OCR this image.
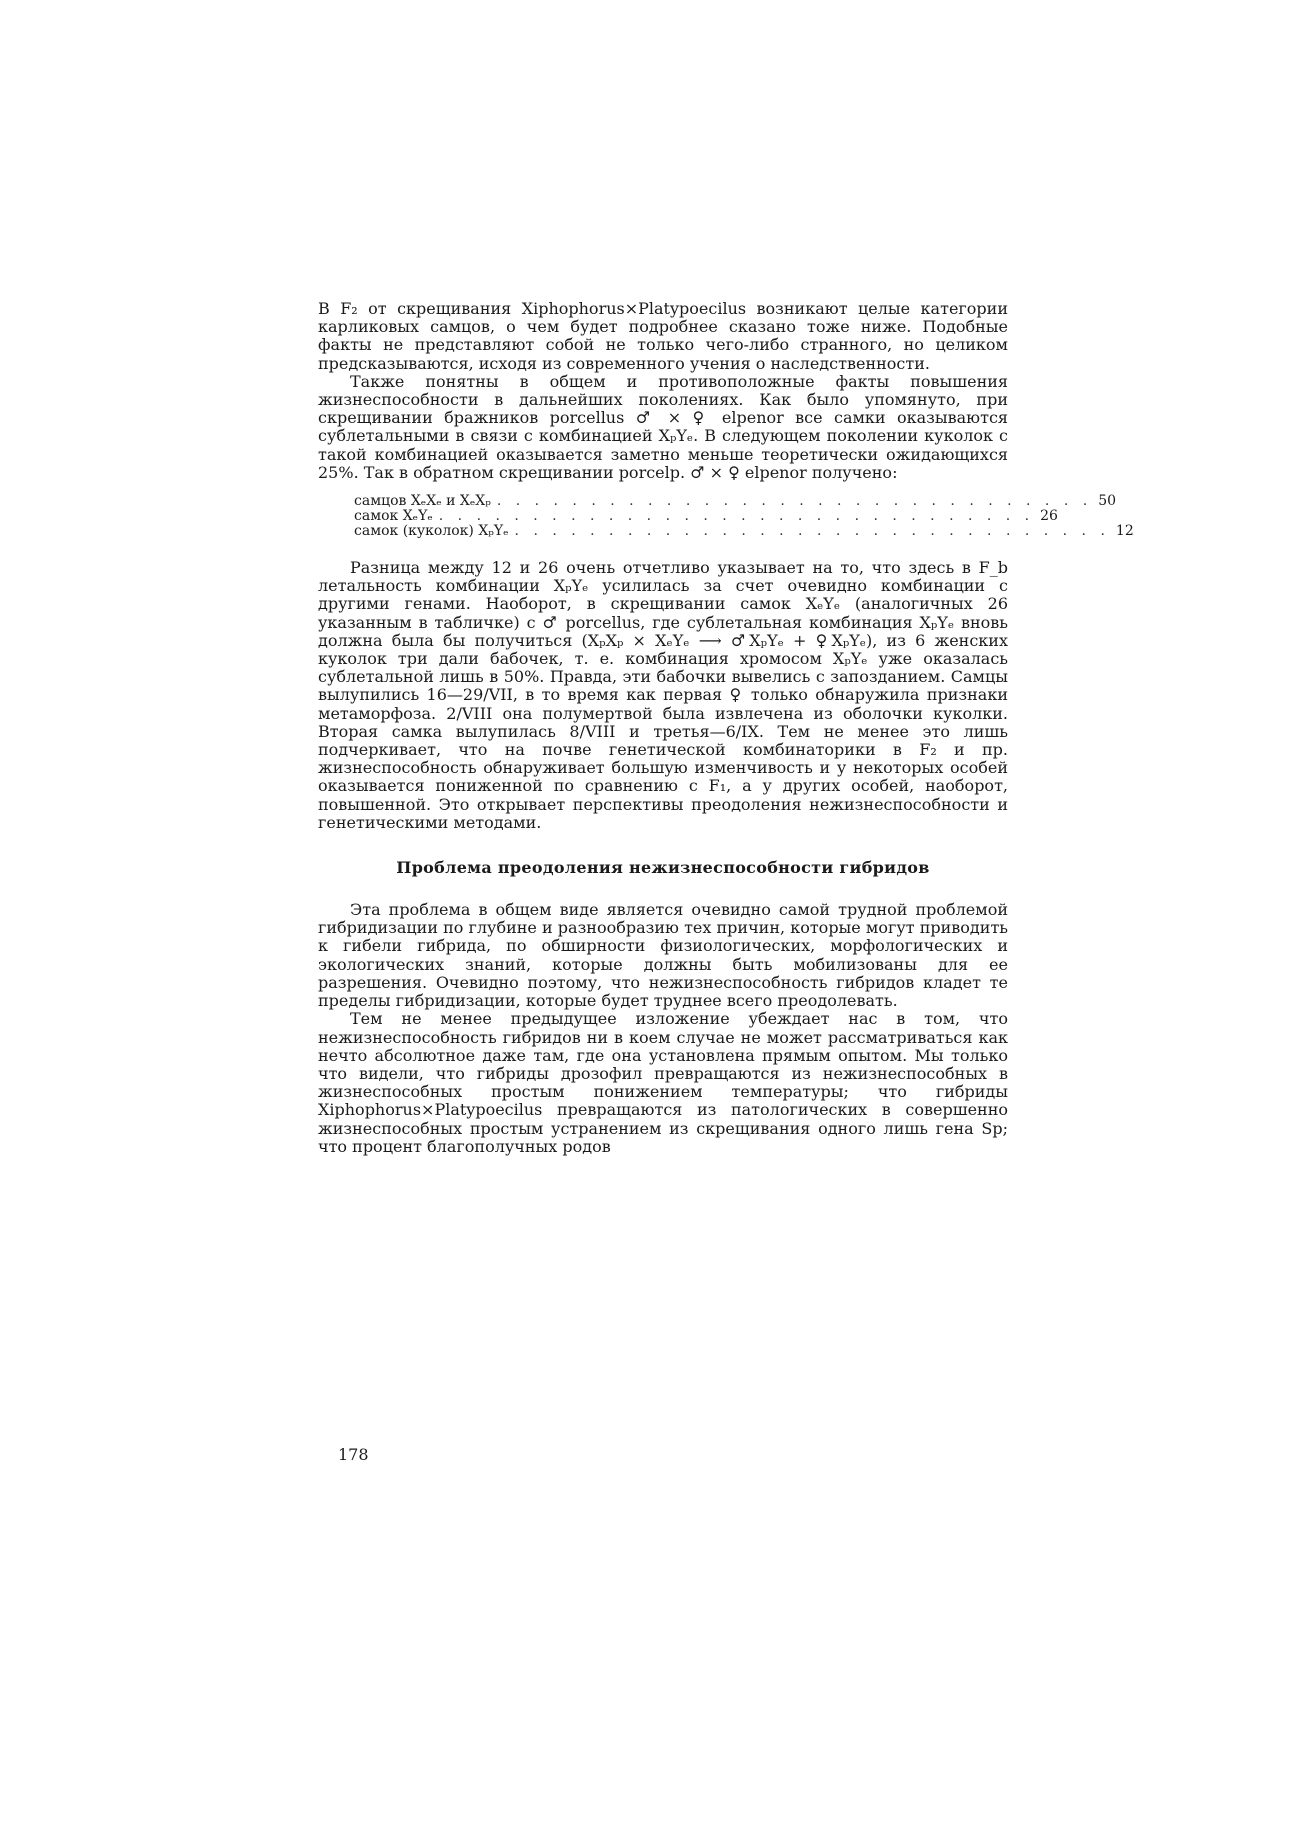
В F₂ от скрещивания Xiphophorus×Platypoecilus возникают целые категории карликовых самцов, о чем будет подробнее сказано тоже ниже. Подобные факты не представляют собой не только чего-либо странного, но целиком предсказываются, исходя из современного учения о наследственности.

Также понятны в общем и противоположные факты повышения жизнеспособности в дальнейших поколениях. Как было упомянуто, при скрещивании бражников porcellus ♂ × ♀ elpenor все самки оказываются сублетальными в связи с комбинацией XₚYₑ. В следующем поколении куколок с такой комбинацией оказывается заметно меньше теоретически ожидающихся 25%. Так в обратном скрещивании porcelp. ♂ × ♀ elpenor получено:

самцов XₑXₑ и XₑXₚ . . . . . . . . . . . . . . . . . . . . . . . . . . . . . . . . 50
самок XₑYₑ . . . . . . . . . . . . . . . . . . . . . . . . . . . . . . . . 26
самок (куколок) XₚYₑ . . . . . . . . . . . . . . . . . . . . . . . . . . . . . . . . 12

Разница между 12 и 26 очень отчетливо указывает на то, что здесь в F_b летальность комбинации XₚYₑ усилилась за счет очевидно комбинации с другими генами. Наоборот, в скрещивании самок XₑYₑ (аналогичных 26 указанным в табличке) с ♂ porcellus, где сублетальная комбинация XₚYₑ вновь должна была бы получиться (XₚXₚ × XₑYₑ ⟶ ♂XₚYₑ + ♀XₚYₑ), из 6 женских куколок три дали бабочек, т. е. комбинация хромосом XₚYₑ уже оказалась сублетальной лишь в 50%. Правда, эти бабочки вывелись с запозданием. Самцы вылупились 16—29/VII, в то время как первая ♀ только обнаружила признаки метаморфоза. 2/VIII она полумертвой была извлечена из оболочки куколки. Вторая самка вылупилась 8/VIII и третья—6/IX. Тем не менее это лишь подчеркивает, что на почве генетической комбинаторики в F₂ и пр. жизнеспособность обнаруживает большую изменчивость и у некоторых особей оказывается пониженной по сравнению с F₁, а у других особей, наоборот, повышенной. Это открывает перспективы преодоления нежизнеспособности и генетическими методами.

Проблема преодоления нежизнеспособности гибридов

Эта проблема в общем виде является очевидно самой трудной проблемой гибридизации по глубине и разнообразию тех причин, которые могут приводить к гибели гибрида, по обширности физиологических, морфологических и экологических знаний, которые должны быть мобилизованы для ее разрешения. Очевидно поэтому, что нежизнеспособность гибридов кладет те пределы гибридизации, которые будет труднее всего преодолевать.

Тем не менее предыдущее изложение убеждает нас в том, что нежизнеспособность гибридов ни в коем случае не может рассматриваться как нечто абсолютное даже там, где она установлена прямым опытом. Мы только что видели, что гибриды дрозофил превращаются из нежизнеспособных в жизнеспособных простым понижением температуры; что гибриды Xiphophorus×Platypoecilus превращаются из патологических в совершенно жизнеспособных простым устранением из скрещивания одного лишь гена Sp; что процент благополучных родов

178
